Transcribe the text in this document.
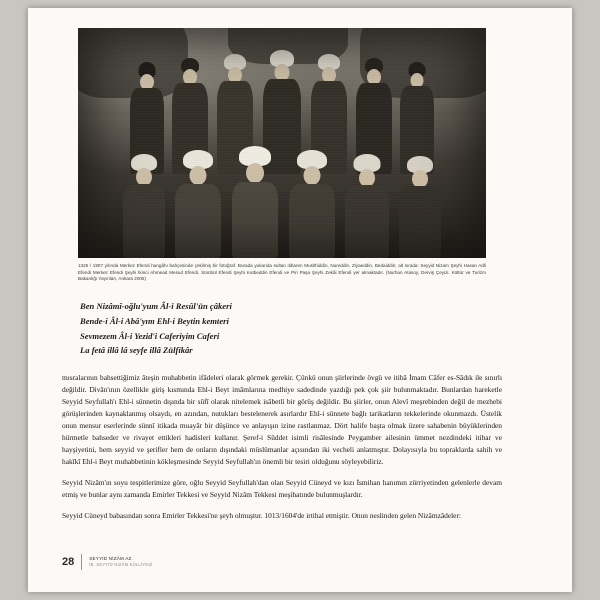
1325 / 1907 yılında Merkez Efendi hangâhı bahçesinde çekilmiş bir fotoğraf. Burada yukarıda sultan itibaren Muslïhiddin, Nureddin, Ziyaeddin, Bedaiddin; alt sırada: Seyyid Nizam Şeyhi Hasan Adli Efendi Merkez Efendi Şeyhi İkinci Ahmead Mesud Efendi, Sümbül Efendi Şeyhi Kutbeddin Efendi ve Piri Paşa Şeyhi Zekâi Efendi yer almaktadır. (Nurhan Atasoy, Derviş Çeyizi. Kültür ve Turizm Bakanlığı Yayınları, Ankara 2005)
Ben Nizâmî-oğlu'yum Âl-i Resûl'ün çâkeri
Bende-i Âl-i Abâ'yım Ehl-i Beytin kemteri
Sevmezem Âl-i Yezid'i Caferiyim Caferi
La fetâ illâ lâ seyfe illâ Zülfikâr

mısralarının bahsettiğimiz âteşin muhabbetin ifâdeleri olarak görmek gerekir. Çünkü onun şiirlerinde övgü ve itibâ İmam Câfer es-Sâdık ile sınırlı değildir. Divân'ının özellikle giriş kısmında Ehl-i Beyt imâmlarına medhiye sadedinde yazdığı pek çok şiir bulunmaktadır. Bunlardan hareketle Seyyid Seyfullah'ı Ehl-i sünnetin dışında bir sûfî olarak nitelemek isâbetli bir görüş değildir. Bu şiirler, onun Alevî meşrebinden değil de mezhebi görüşlerinden kaynaklanmış olsaydı, en azından, nutukları bestelenerek asırlardır Ehl-i sünnete bağlı tarikatların tekkelerinde okunmazdı. Üstelik onun mensur eserlerinde sünnî itikada muayâr bir düşünce ve anlayışın izine rastlanmaz. Dört halife başta olmak üzere sahabenin büyüklerinden hürmetle bahseder ve rivayet ettikleri hadisleri kullanır. Şeref-i Sûddet isimli risâlesinde Peygamber ailesinin ümmet nezdindeki itibar ve hayşiyetini, hem seyyid ve şerifler hem de onların dışındaki müslümanlar açısından iki vecheli anlatmıştır. Dolayısıyla bu topraklarda sahih ve hakîkî Ehl-i Beyt muhabbetinin kökleşmesinde Seyyid Seyfullah'ın önemli bir tesiri olduğunu söyleyebiliriz.

Seyyid Nizâm'ın soyu tespitlerimize göre, oğlu Seyyid Seyfullah'dan olan Seyyid Cüneyd ve kızı İsmihan hanımın zürriyetinden gelenlerle devam etmiş ve bunlar aynı zamanda Emirler Tekkesi ve Seyyid Nizâm Tekkesi meşihatınde bulunmuşlardır.

Seyyid Cüneyd babasından sonra Emirler Tekkesi'ne şeyh olmuştur. 1013/1604'de irtihal etmiştir. Onun neslinden gelen Nizâmzâdeler:

28	SEYYİD NİZÂM AZ.
İB. SEYYİD NİZÂM KÜLLİYESİ
